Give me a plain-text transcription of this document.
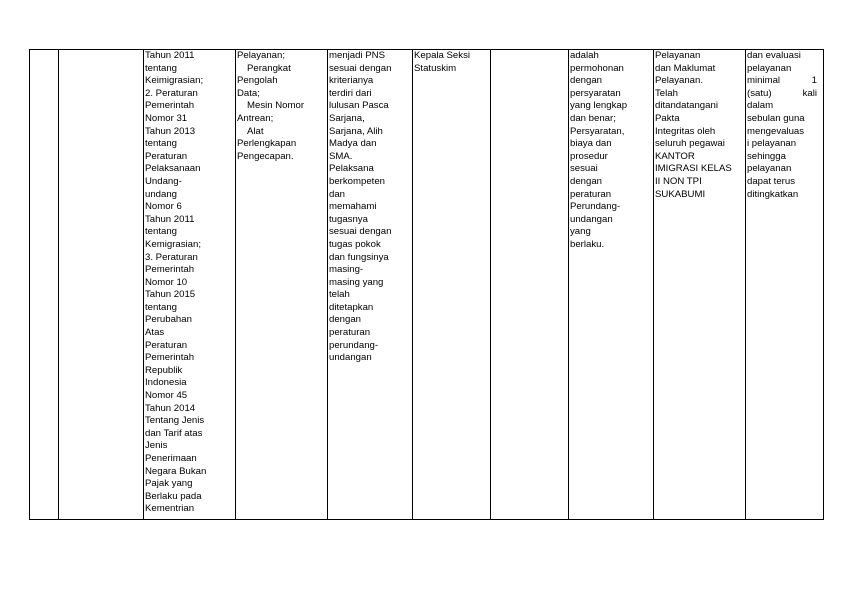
Tahun 2011
tentang
Keimigrasian;
2. Peraturan
Pemerintah
Nomor 31
Tahun 2013
tentang
Peraturan
Pelaksanaan
Undang-
undang
Nomor 6
Tahun 2011
tentang
Kemigrasian;
3. Peraturan
Pemerintah
Nomor 10
Tahun 2015
tentang
Perubahan
Atas
Peraturan
Pemerintah
Republik
Indonesia
Nomor 45
Tahun 2014
Tentang Jenis
dan Tarif atas
Jenis
Penerimaan
Negara Bukan
Pajak yang
Berlaku pada
Kementrian

Pelayanan;
Perangkat
Pengolah
Data;
Mesin Nomor
Antrean;
Alat
Perlengkapan
Pengecapan.

menjadi PNS
sesuai dengan
kriterianya
terdiri dari
lulusan Pasca
Sarjana,
Sarjana, Alih
Madya dan
SMA.
Pelaksana
berkompeten
dan
memahami
tugasnya
sesuai dengan
tugas pokok
dan fungsinya
masing-
masing yang
telah
ditetapkan
dengan
peraturan
perundang-
undangan

Kepala Seksi
Statuskim

adalah
permohonan
dengan
persyaratan
yang lengkap
dan benar;
Persyaratan,
biaya dan
prosedur
sesuai
dengan
peraturan
Perundang-
undangan
yang
berlaku.

Pelayanan
dan Maklumat
Pelayanan.
Telah
ditandatangani
Pakta
Integritas oleh
seluruh pegawai
KANTOR
IMIGRASI KELAS
II NON TPI
SUKABUMI

dan evaluasi
pelayanan
minimal	1
(satu)	kali
dalam
sebulan guna
mengevaluas
i pelayanan
sehingga
pelayanan
dapat terus
ditingkatkan
